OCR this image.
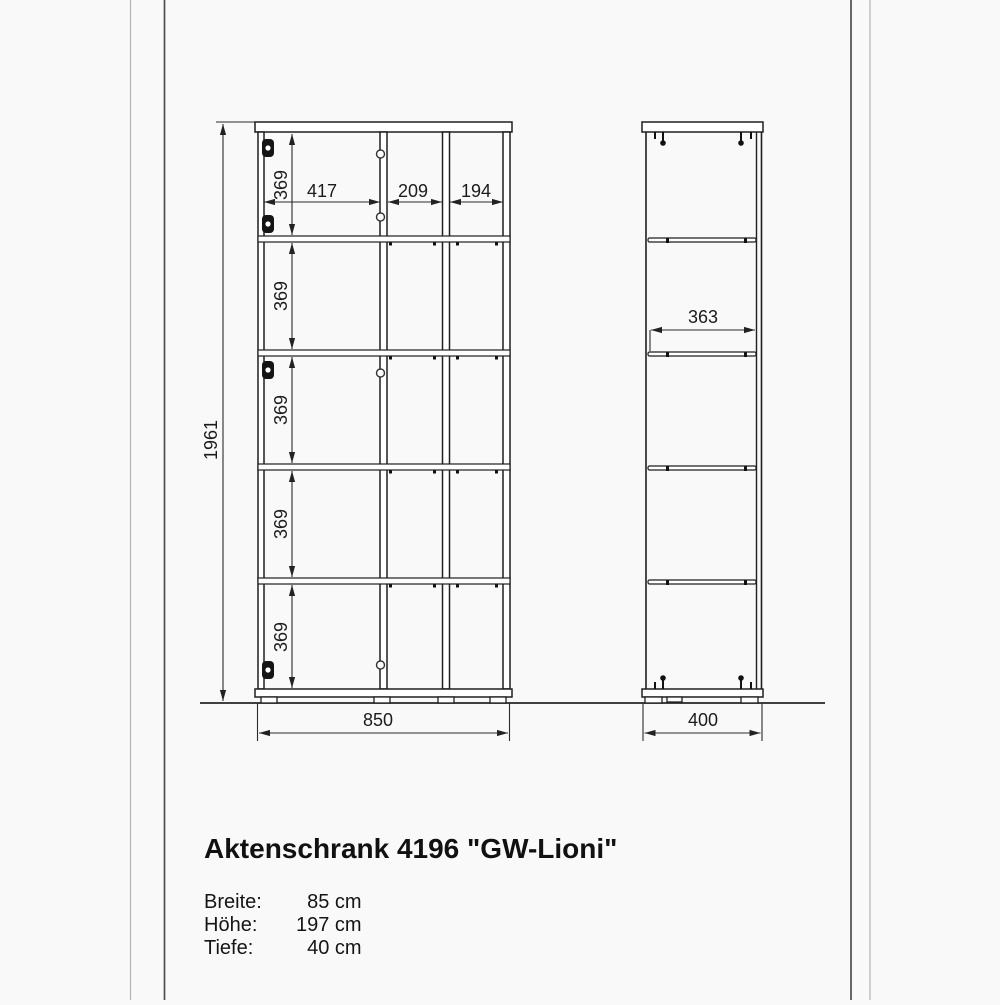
1961
417	209 194
369
369
369
369
369
850
363
400
Aktenschrank 4196 "GW-Lioni"
Breite: 85 cm
Höhe: 197 cm
Tiefe:	40 cm
